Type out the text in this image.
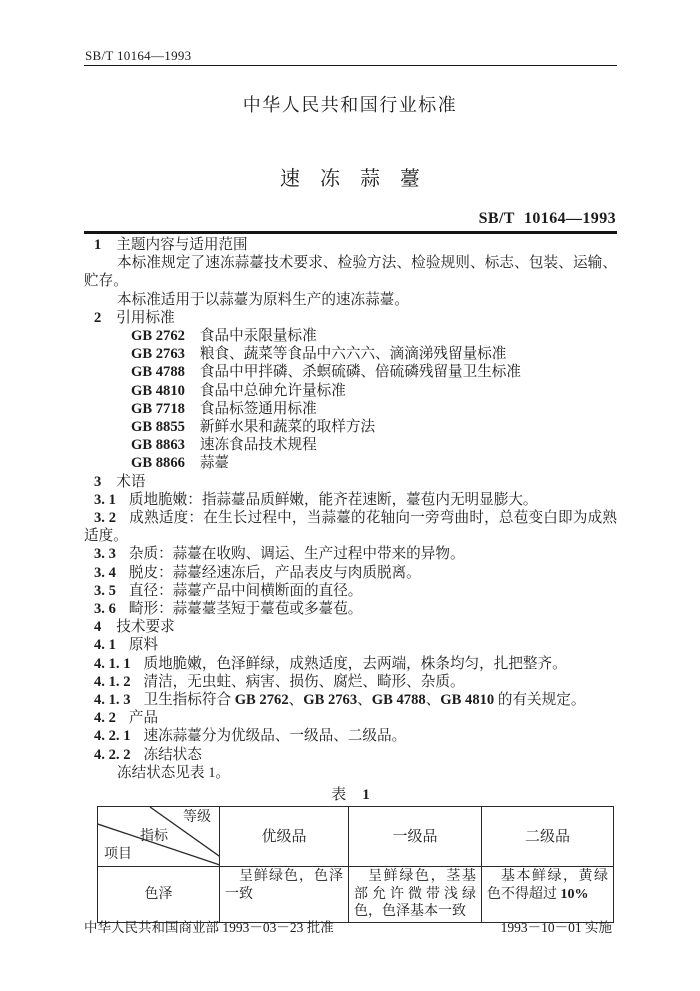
SB/T 10164—1993
中华人民共和国行业标准
速　冻　蒜　薹
SB/T 10164—1993
1 主题内容与适用范围

本标准规定了速冻蒜薹技术要求、检验方法、检验规则、标志、包装、运输、贮存。

本标准适用于以蒜薹为原料生产的速冻蒜薹。

2 引用标准
GB 2762 食品中汞限量标准
GB 2763 粮食、蔬菜等食品中六六六、滴滴涕残留量标准
GB 4788 食品中甲拌磷、杀螟硫磷、倍硫磷残留量卫生标准
GB 4810 食品中总砷允许量标准
GB 7718 食品标签通用标准
GB 8855 新鲜水果和蔬菜的取样方法
GB 8863 速冻食品技术规程
GB 8866 蒜薹
3 术语
3. 1 质地脆嫩：指蒜薹品质鲜嫩，能齐茬速断，薹苞内无明显膨大。
3. 2 成熟适度：在生长过程中，当蒜薹的花轴向一旁弯曲时，总苞变白即为成熟适度。
3. 3 杂质：蒜薹在收购、调运、生产过程中带来的异物。
3. 4 脱皮：蒜薹经速冻后，产品表皮与肉质脱离。
3. 5 直径：蒜薹产品中间横断面的直径。
3. 6 畸形：蒜薹薹茎短于薹苞或多薹苞。
4 技术要求
4. 1 原料
4. 1. 1 质地脆嫩，色泽鲜绿，成熟适度，去两端，株条均匀，扎把整齐。
4. 1. 2 清洁，无虫蛀、病害、损伤、腐烂、畸形、杂质。
4. 1. 3 卫生指标符合 GB 2762、GB 2763、GB 4788、GB 4810 的有关规定。
4. 2 产品
4. 2. 1 速冻蒜薹分为优级品、一级品、二级品。
4. 2. 2 冻结状态

冻结状态见表 1。

表 1
等级
指标
项目	优级品	一级品	二级品
色泽	呈鲜绿色，色泽一致	呈鲜绿色，茎基部允许微带浅绿色，色泽基本一致	基本鲜绿，黄绿色不得超过 10%
中华人民共和国商业部 1993－03－23 批准	1993－10－01 实施
